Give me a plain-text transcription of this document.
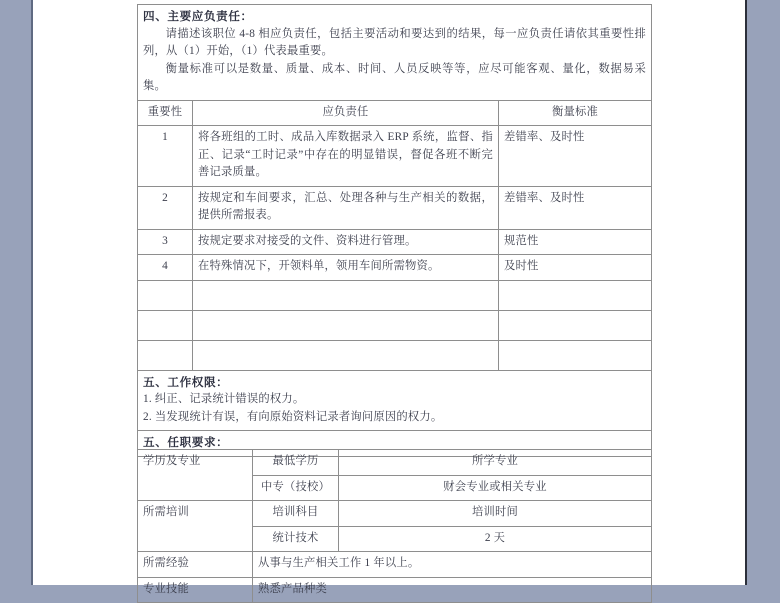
四、主要应负责任：
请描述该职位 4-8 相应负责任，包括主要活动和要达到的结果，每一应负责任请依其重要性排列，从（1）开始，（1）代表最重要。
衡量标准可以是数量、质量、成本、时间、人员反映等等，应尽可能客观、量化，数据易采集。		

重要性	应负责任	衡量标准
1	将各班组的工时、成品入库数据录入 ERP 系统，监督、指正、记录“工时记录”中存在的明显错误，督促各班不断完善记录质量。	差错率、及时性
2	按规定和车间要求，汇总、处理各种与生产相关的数据，提供所需报表。	差错率、及时性
3	按规定要求对接受的文件、资料进行管理。	规范性
4	在特殊情况下，开领料单，领用车间所需物资。	及时性

五、工作权限：
1. 纠正、记录统计错误的权力。
2. 当发现统计有误，有向原始资料记录者询问原因的权力。		

五、任职要求：		
学历及专业	最低学历	所学专业
	中专（技校）	财会专业或相关专业
所需培训	培训科目	培训时间
	统计技术	2 天
所需经验	从事与生产相关工作 1 年以上。	
专业技能	熟悉产品种类	
